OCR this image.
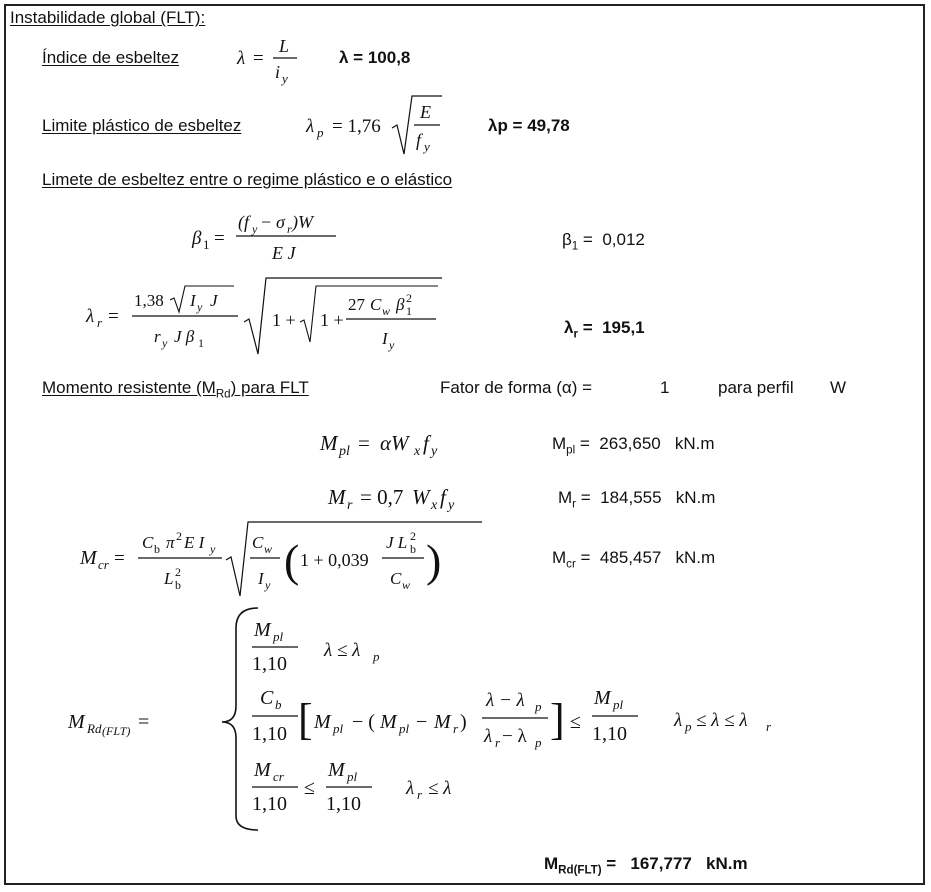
Instabilidade global (FLT):
Índice de esbeltez	λ =
L
i y
λ = 100,8
Limite plástico de esbeltez	λ p = 1,76
E
f y
λp = 49,78
Limete de esbeltez entre o regime plástico e o elástico
β 1 =
(f y − σ r )W
E J
$\beta_1 = 0,012$
λ r =
1,38 I y J
r y J β 1
1 + 1 +
27 C w β 2
1
I y
$\lambda_r = 195,1$
Momento resistente $(M_{Rd})$ para FLT	Fator de forma (α) =	1	para perfil W
M pl = αW x f y	$M_{pl} = 263,650$ kN.m
M r = 0,7 W x f y	$M_r = 184,555$ kN.m
M cr =
C b π 2 E I y
L 2
b
C w
I y ( 1 + 0,039
J L 2
b
C w )	$M_{cr} = 485,457$ kN.m
M Rd (FLT) =
M pl
1,10
λ ≤ λ p
C b
1,10 [ M pl − ( M pl − M r )
λ − λ p
λ r − λ p ] ≤
M pl
1,10
λ p ≤ λ ≤ λ r
M cr
1,10
≤
M pl
1,10
λ r ≤ λ
$M_{Rd(FLT)} = 167,777$ kN.m
